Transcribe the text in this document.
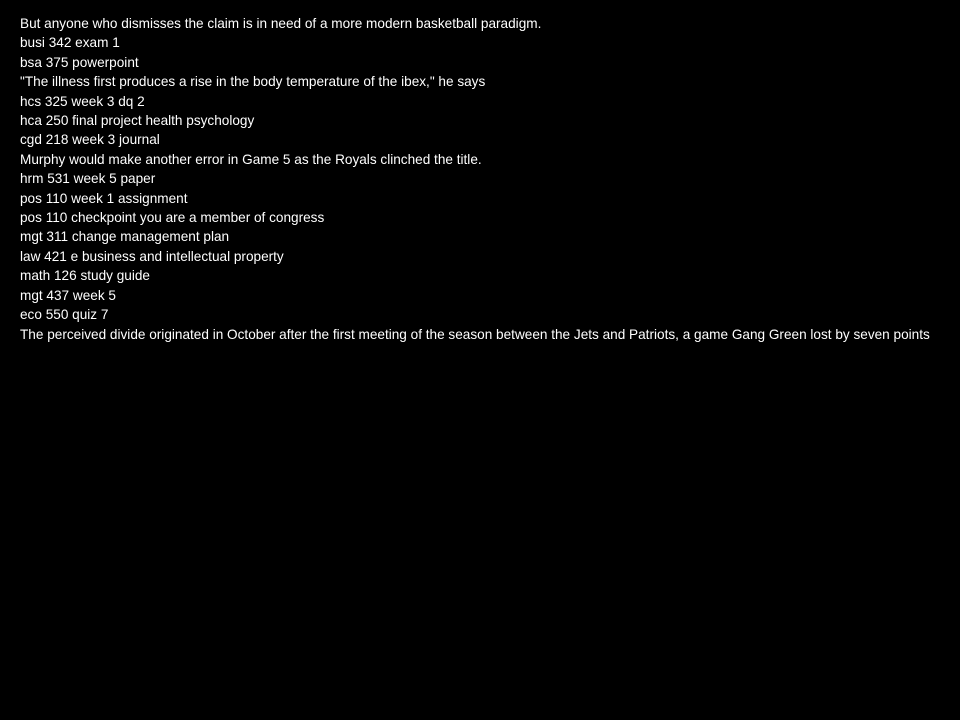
But anyone who dismisses the claim is in need of a more modern basketball paradigm.
busi 342 exam 1
bsa 375 powerpoint
"The illness first produces a rise in the body temperature of the ibex," he says
hcs 325 week 3 dq 2
hca 250 final project health psychology
cgd 218 week 3 journal
Murphy would make another error in Game 5 as the Royals clinched the title.
hrm 531 week 5 paper
pos 110 week 1 assignment
pos 110 checkpoint you are a member of congress
mgt 311 change management plan
law 421 e business and intellectual property
math 126 study guide
mgt 437 week 5
eco 550 quiz 7
The perceived divide originated in October after the first meeting of the season between the Jets and Patriots, a game Gang Green lost by seven points
